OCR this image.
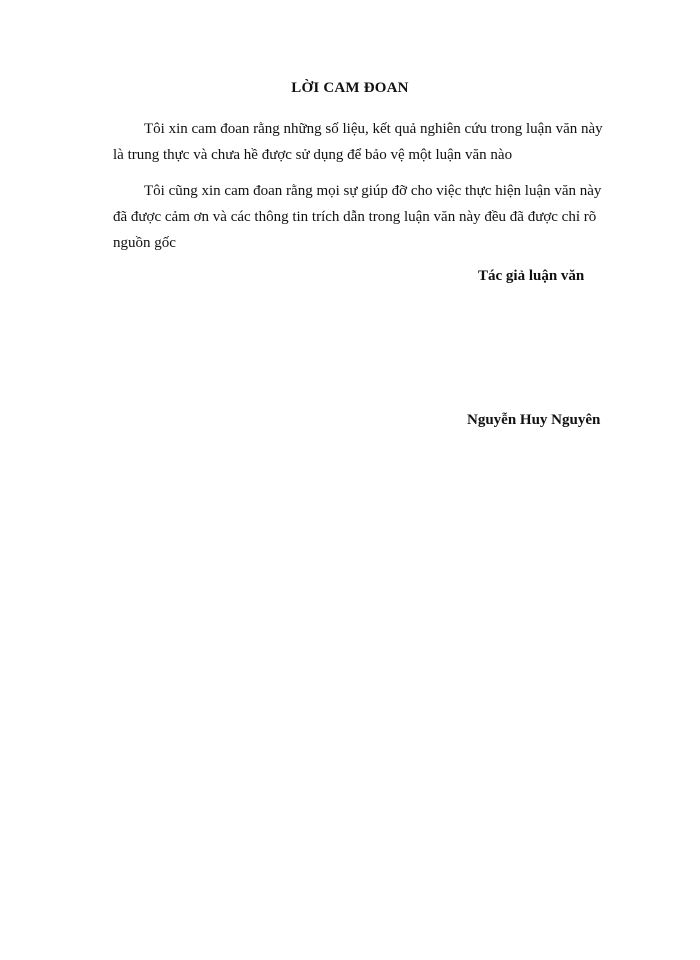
LỜI CAM ĐOAN
Tôi xin cam đoan rằng những số liệu, kết quả nghiên cứu trong luận văn này
là trung thực và chưa hề được sử dụng để bảo vệ một luận văn nào
Tôi cũng xin cam đoan rằng mọi sự giúp đỡ cho việc thực hiện luận văn này
đã được cảm ơn và các thông tin trích dẫn trong luận văn này đều đã được chỉ rõ
nguồn gốc
Tác giả luận văn
Nguyễn Huy Nguyên
